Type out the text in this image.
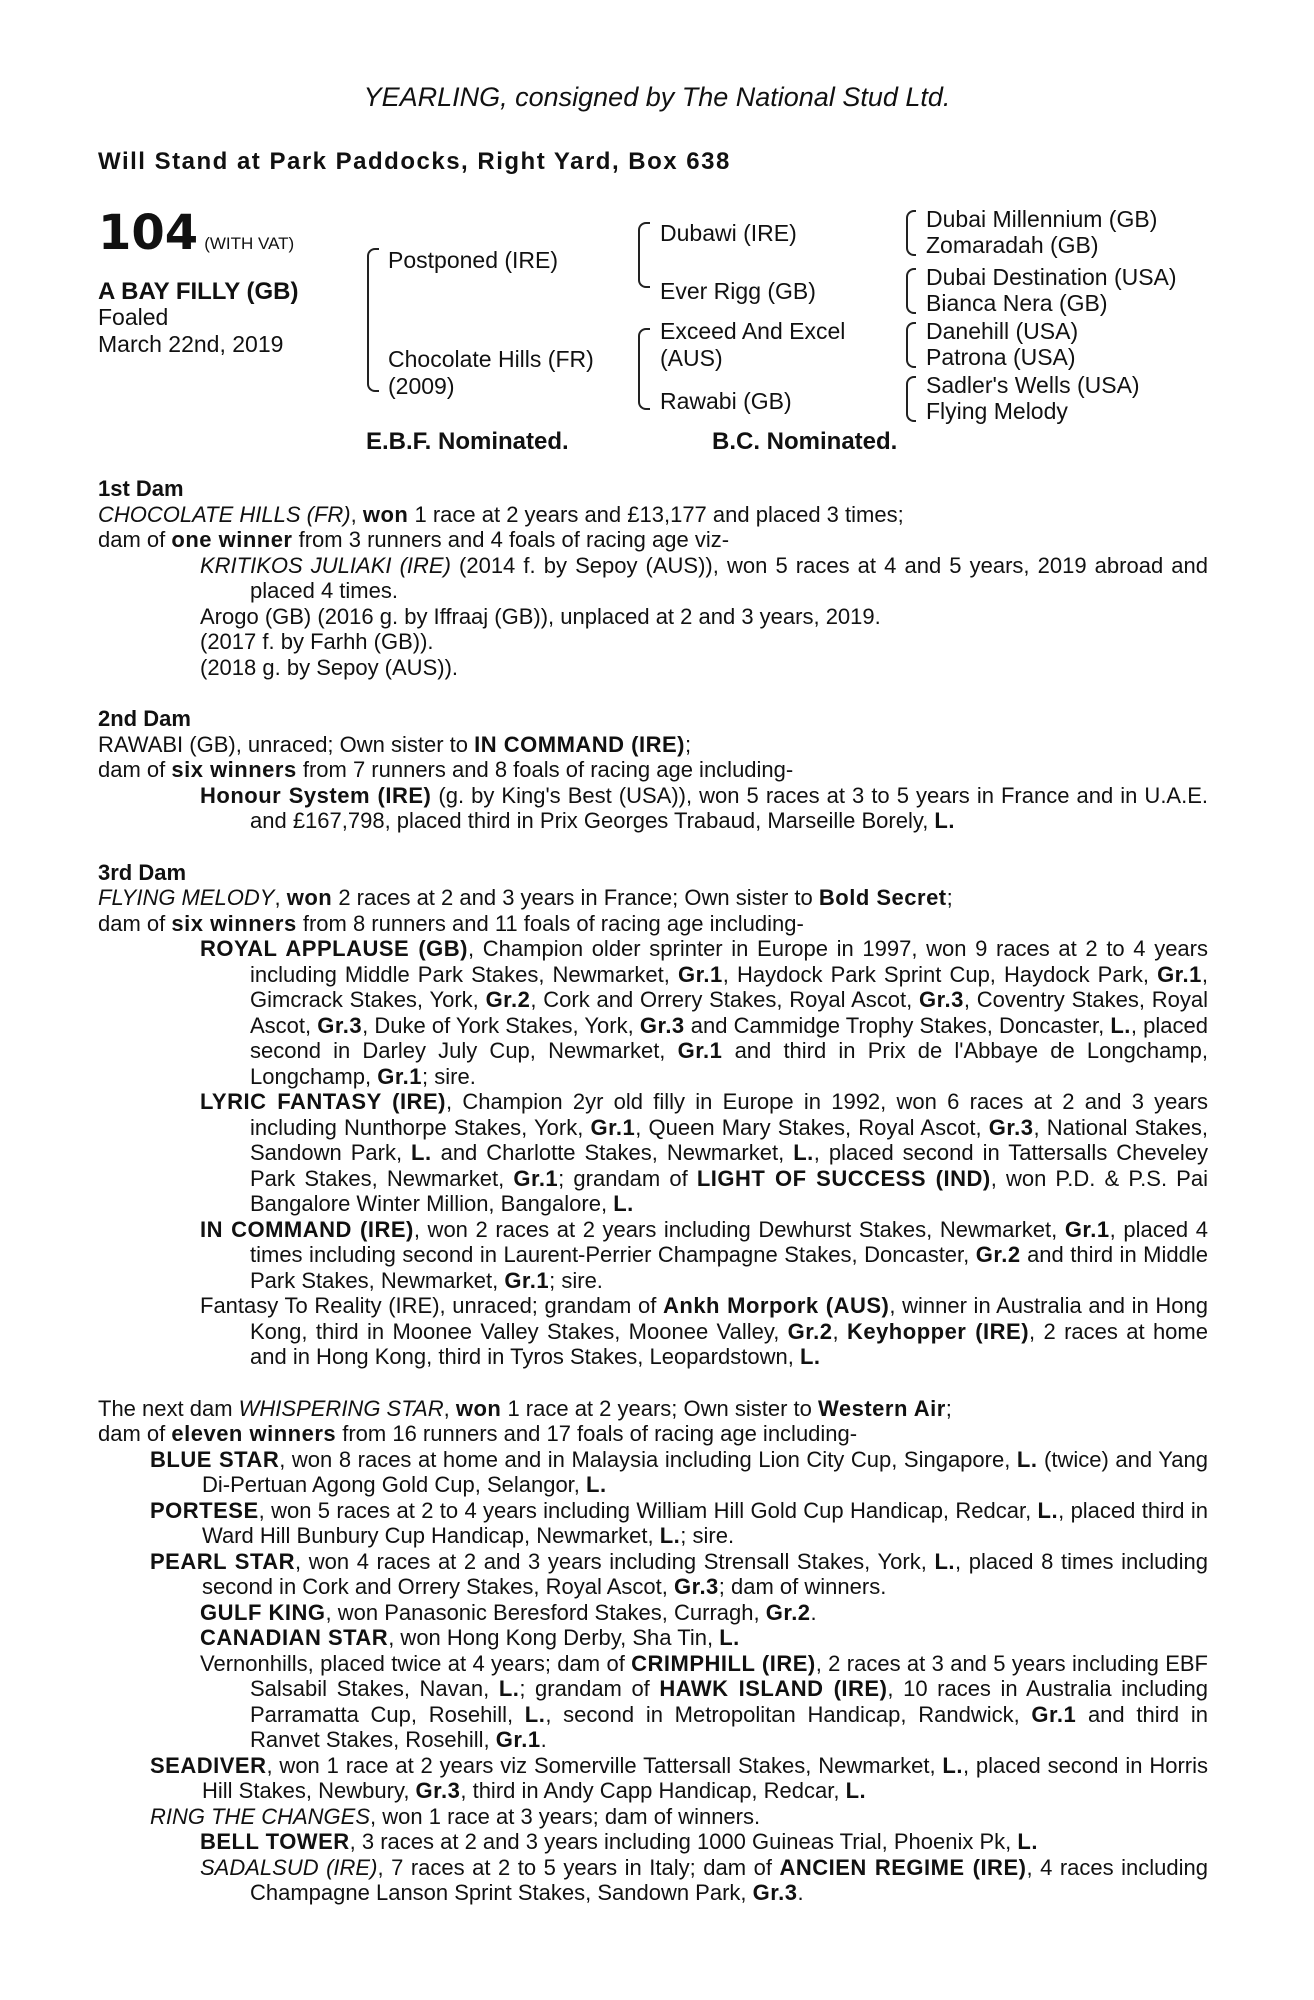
YEARLING, consigned by The National Stud Ltd.
Will Stand at Park Paddocks, Right Yard, Box 638
104 (WITH VAT)
A BAY FILLY (GB)
Foaled
March 22nd, 2019
Postponed (IRE)
Chocolate Hills (FR)
(2009)
Dubawi (IRE)
Ever Rigg (GB)
Exceed And Excel
(AUS)
Rawabi (GB)
Dubai Millennium (GB)
Zomaradah (GB)
Dubai Destination (USA)
Bianca Nera (GB)
Danehill (USA)
Patrona (USA)
Sadler's Wells (USA)
Flying Melody
E.B.F. Nominated.	B.C. Nominated.
1st Dam

CHOCOLATE HILLS (FR), won 1 race at 2 years and £13,177 and placed 3 times;

dam of one winner from 3 runners and 4 foals of racing age viz-

KRITIKOS JULIAKI (IRE) (2014 f. by Sepoy (AUS)), won 5 races at 4 and 5 years, 2019 abroad and placed 4 times.

Arogo (GB) (2016 g. by Iffraaj (GB)), unplaced at 2 and 3 years, 2019.

(2017 f. by Farhh (GB)).

(2018 g. by Sepoy (AUS)).

2nd Dam

RAWABI (GB), unraced; Own sister to IN COMMAND (IRE);

dam of six winners from 7 runners and 8 foals of racing age including-

Honour System (IRE) (g. by King's Best (USA)), won 5 races at 3 to 5 years in France and in U.A.E. and £167,798, placed third in Prix Georges Trabaud, Marseille Borely, L.

3rd Dam

FLYING MELODY, won 2 races at 2 and 3 years in France; Own sister to Bold Secret;

dam of six winners from 8 runners and 11 foals of racing age including-

ROYAL APPLAUSE (GB), Champion older sprinter in Europe in 1997, won 9 races at 2 to 4 years including Middle Park Stakes, Newmarket, Gr.1, Haydock Park Sprint Cup, Haydock Park, Gr.1, Gimcrack Stakes, York, Gr.2, Cork and Orrery Stakes, Royal Ascot, Gr.3, Coventry Stakes, Royal Ascot, Gr.3, Duke of York Stakes, York, Gr.3 and Cammidge Trophy Stakes, Doncaster, L., placed second in Darley July Cup, Newmarket, Gr.1 and third in Prix de l'Abbaye de Longchamp, Longchamp, Gr.1; sire.

LYRIC FANTASY (IRE), Champion 2yr old filly in Europe in 1992, won 6 races at 2 and 3 years including Nunthorpe Stakes, York, Gr.1, Queen Mary Stakes, Royal Ascot, Gr.3, National Stakes, Sandown Park, L. and Charlotte Stakes, Newmarket, L., placed second in Tattersalls Cheveley Park Stakes, Newmarket, Gr.1; grandam of LIGHT OF SUCCESS (IND), won P.D. & P.S. Pai Bangalore Winter Million, Bangalore, L.

IN COMMAND (IRE), won 2 races at 2 years including Dewhurst Stakes, Newmarket, Gr.1, placed 4 times including second in Laurent-Perrier Champagne Stakes, Doncaster, Gr.2 and third in Middle Park Stakes, Newmarket, Gr.1; sire.

Fantasy To Reality (IRE), unraced; grandam of Ankh Morpork (AUS), winner in Australia and in Hong Kong, third in Moonee Valley Stakes, Moonee Valley, Gr.2, Keyhopper (IRE), 2 races at home and in Hong Kong, third in Tyros Stakes, Leopardstown, L.

The next dam WHISPERING STAR, won 1 race at 2 years; Own sister to Western Air;

dam of eleven winners from 16 runners and 17 foals of racing age including-

BLUE STAR, won 8 races at home and in Malaysia including Lion City Cup, Singapore, L. (twice) and Yang Di-Pertuan Agong Gold Cup, Selangor, L.

PORTESE, won 5 races at 2 to 4 years including William Hill Gold Cup Handicap, Redcar, L., placed third in Ward Hill Bunbury Cup Handicap, Newmarket, L.; sire.

PEARL STAR, won 4 races at 2 and 3 years including Strensall Stakes, York, L., placed 8 times including second in Cork and Orrery Stakes, Royal Ascot, Gr.3; dam of winners.

GULF KING, won Panasonic Beresford Stakes, Curragh, Gr.2.

CANADIAN STAR, won Hong Kong Derby, Sha Tin, L.

Vernonhills, placed twice at 4 years; dam of CRIMPHILL (IRE), 2 races at 3 and 5 years including EBF Salsabil Stakes, Navan, L.; grandam of HAWK ISLAND (IRE), 10 races in Australia including Parramatta Cup, Rosehill, L., second in Metropolitan Handicap, Randwick, Gr.1 and third in Ranvet Stakes, Rosehill, Gr.1.

SEADIVER, won 1 race at 2 years viz Somerville Tattersall Stakes, Newmarket, L., placed second in Horris Hill Stakes, Newbury, Gr.3, third in Andy Capp Handicap, Redcar, L.

RING THE CHANGES, won 1 race at 3 years; dam of winners.

BELL TOWER, 3 races at 2 and 3 years including 1000 Guineas Trial, Phoenix Pk, L.

SADALSUD (IRE), 7 races at 2 to 5 years in Italy; dam of ANCIEN REGIME (IRE), 4 races including Champagne Lanson Sprint Stakes, Sandown Park, Gr.3.
